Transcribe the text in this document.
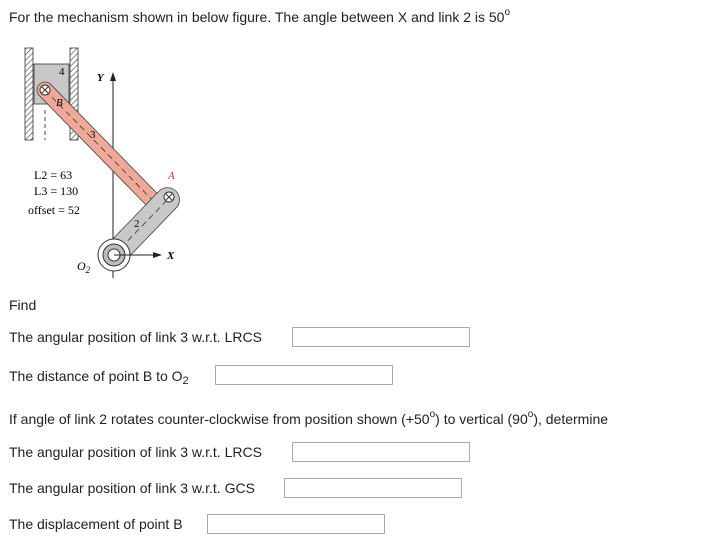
For the mechanism shown in below figure. The angle between X and link 2 is 50$^o$
4
B
Y
3
A
2
X
$O_2$
L2 = 63
L3 = 130
offset = 52
Find
The angular position of link 3 w.r.t. LRCS
The distance of point B to $O_2$
If angle of link 2 rotates counter-clockwise from position shown $(+50^o)$ to vertical (90$^o$), determine
The angular position of link 3 w.r.t. LRCS
The angular position of link 3 w.r.t. GCS
The displacement of point B
